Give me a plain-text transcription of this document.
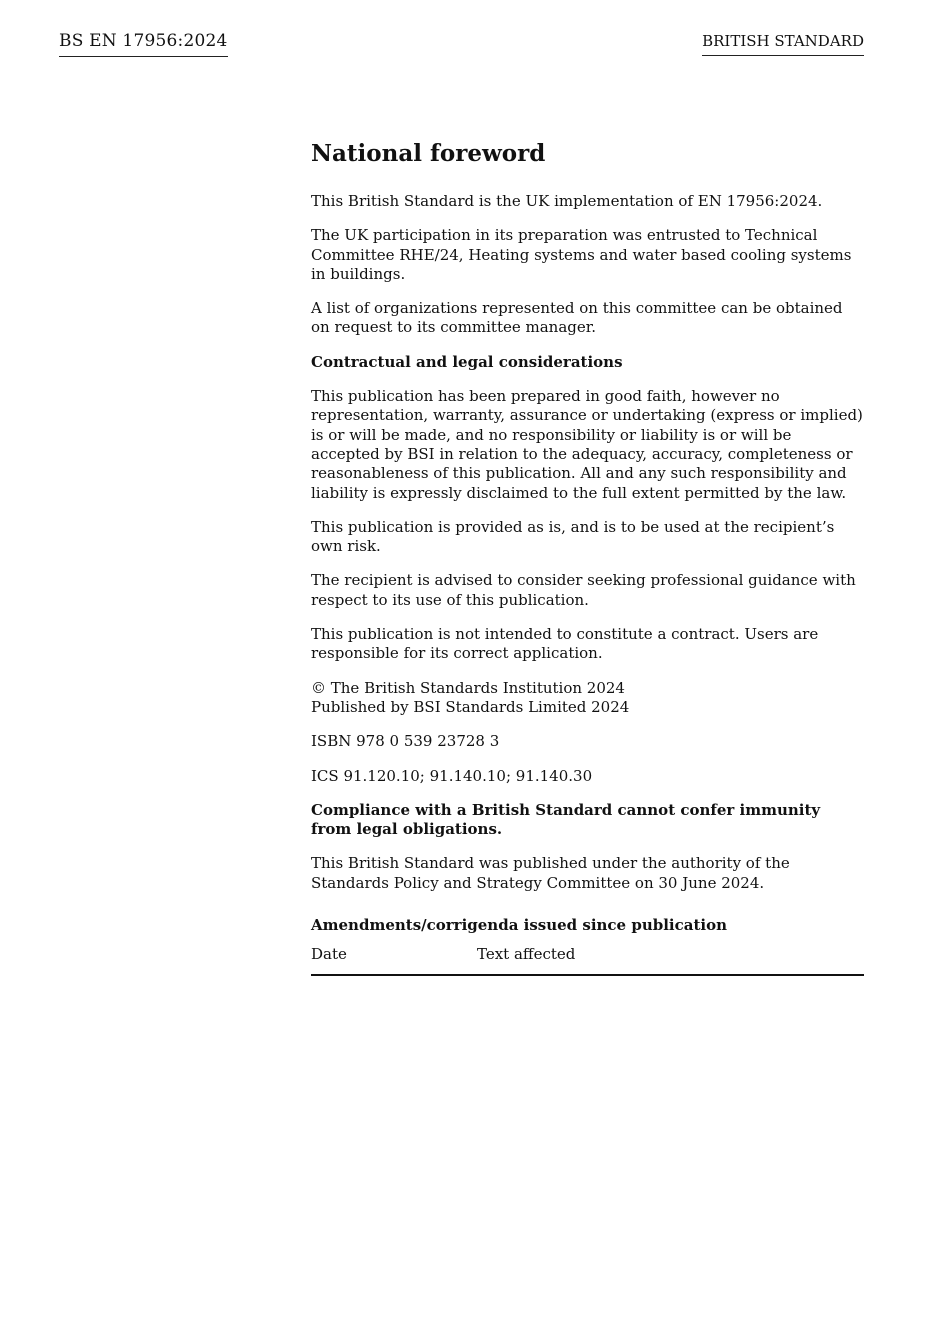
BS EN 17956:2024	BRITISH STANDARD
National foreword

This British Standard is the UK implementation of EN 17956:2024.

The UK participation in its preparation was entrusted to Technical Committee RHE/24, Heating systems and water based cooling systems in buildings.

A list of organizations represented on this committee can be obtained on request to its committee manager.

Contractual and legal considerations

This publication has been prepared in good faith, however no representation, warranty, assurance or undertaking (express or implied) is or will be made, and no responsibility or liability is or will be accepted by BSI in relation to the adequacy, accuracy, completeness or reasonableness of this publication. All and any such responsibility and liability is expressly disclaimed to the full extent permitted by the law.

This publication is provided as is, and is to be used at the recipient’s own risk.

The recipient is advised to consider seeking professional guidance with respect to its use of this publication.

This publication is not intended to constitute a contract. Users are responsible for its correct application.

© The British Standards Institution 2024
Published by BSI Standards Limited 2024

ISBN 978 0 539 23728 3

ICS 91.120.10; 91.140.10; 91.140.30

Compliance with a British Standard cannot confer immunity from legal obligations.

This British Standard was published under the authority of the Standards Policy and Strategy Committee on 30 June 2024.

Amendments/corrigenda issued since publication
Date	Text affected
